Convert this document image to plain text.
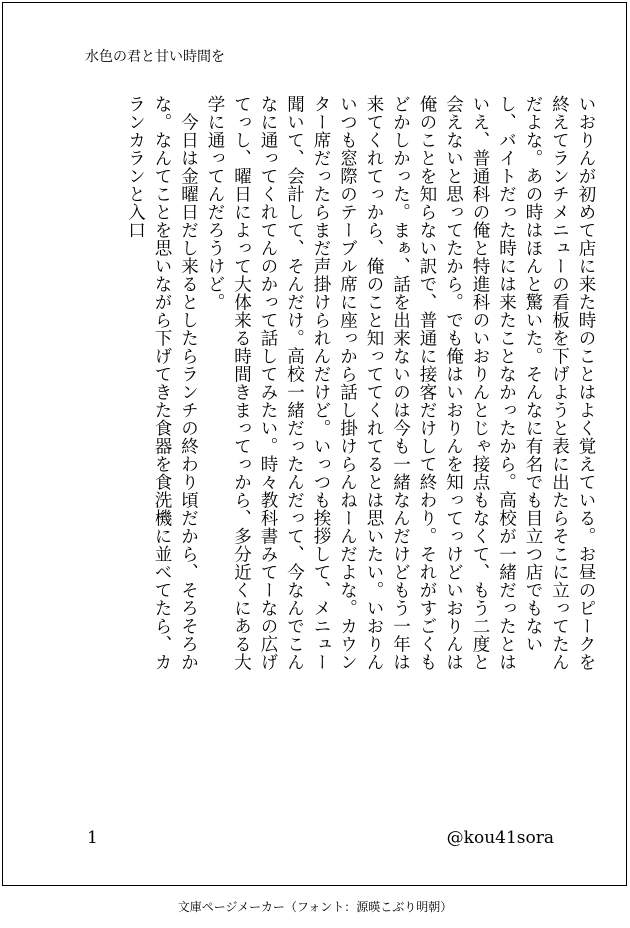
水色の君と甘い時間を

いおりんが初めて店に来た時のことはよく覚えている。お昼のピークを終えてランチメニューの看板を下げようと表に出たらそこに立ってたんだよな。あの時はほんと驚いた。そんなに有名でも目立つ店でもないし、バイトだった時には来たことなかったから。高校が一緒だったとはいえ、普通科の俺と特進科のいおりんとじゃ接点もなくて、もう二度と会えないと思ってたから。でも俺はいおりんを知ってっけどいおりんは俺のことを知らない訳で、普通に接客だけして終わり。それがすごくもどかしかった。まぁ、話を出来ないのは今も一緒なんだけどもう一年は来てくれてっから、俺のこと知っててくれてるとは思いたい。いおりんいつも窓際のテーブル席に座っから話し掛けらんねーんだよな。カウンター席だったらまだ声掛けられんだけど。いっつも挨拶して、メニュー聞いて、会計して、そんだけ。高校一緒だったんだって、今なんでこんなに通ってくれてんのかって話してみたい。時々教科書みてーなの広げてっし、曜日によって大体来る時間きまってっから、多分近くにある大学に通ってんだろうけど。

今日は金曜日だし来るとしたらランチの終わり頃だから、そろそろかな。なんてことを思いながら下げてきた食器を食洗機に並べてたら、カランカランと入口

1	@kou41sora
文庫ページメーカー（フォント：源暎こぶり明朝）
